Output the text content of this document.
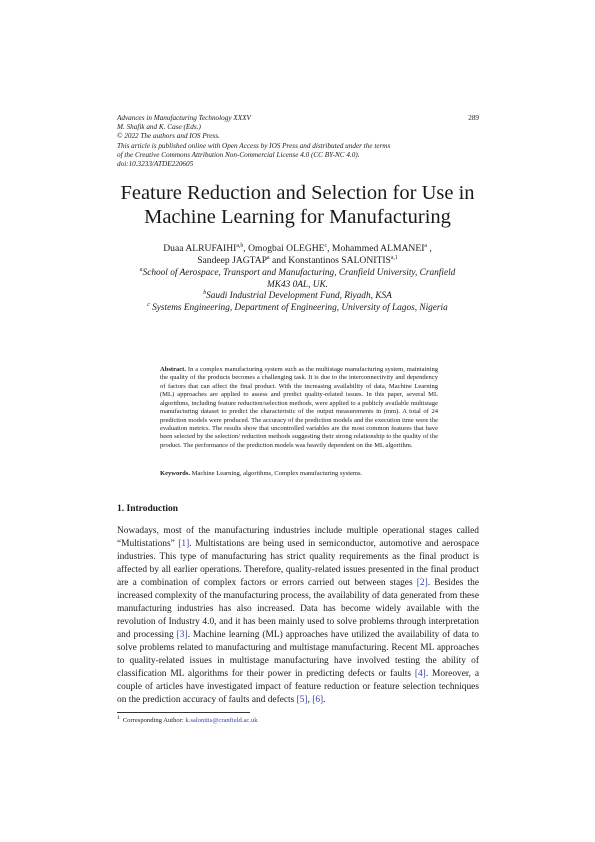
Advances in Manufacturing Technology XXXV
M. Shafik and K. Case (Eds.)
© 2022 The authors and IOS Press.
This article is published online with Open Access by IOS Press and distributed under the terms
of the Creative Commons Attribution Non-Commercial License 4.0 (CC BY-NC 4.0).
doi:10.3233/ATDE220605
289
Feature Reduction and Selection for Use in
Machine Learning for Manufacturing
Duaa ALRUFAIHI$^{a,b}$, Omogbai OLEGHE$^c$, Mohammed ALMANEI$^a$ ,
Sandeep JAGTAP$^a$ and Konstantinos SALONITIS$^{a,1}$
$^a$School of Aerospace, Transport and Manufacturing, Cranfield University, Cranfield
MK43 0AL, UK.
$^b$Saudi Industrial Development Fund, Riyadh, KSA
$^c$ Systems Engineering, Department of Engineering, University of Lagos, Nigeria
Abstract. In a complex manufacturing system such as the multistage manufacturing system, maintaining the quality of the products becomes a challenging task. It is due to the interconnectivity and dependency of factors that can affect the final product. With the increasing availability of data, Machine Learning (ML) approaches are applied to assess and predict quality-related issues. In this paper, several ML algorithms, including feature reduction/selection methods, were applied to a publicly available multistage manufacturing dataset to predict the characteristic of the output measurements in (mm). A total of 24 prediction models were produced. The accuracy of the prediction models and the execution time were the evaluation metrics. The results show that uncontrolled variables are the most common features that have been selected by the selection/ reduction methods suggesting their strong relationship to the quality of the product. The performance of the prediction models was heavily dependent on the ML algorithm.
Keywords. Machine Learning, algorithms, Complex manufacturing systems.
1. Introduction
Nowadays, most of the manufacturing industries include multiple operational stages called “Multistations” [1]. Multistations are being used in semiconductor, automotive and aerospace industries. This type of manufacturing has strict quality requirements as the final product is affected by all earlier operations. Therefore, quality-related issues presented in the final product are a combination of complex factors or errors carried out between stages [2]. Besides the increased complexity of the manufacturing process, the availability of data generated from these manufacturing industries has also increased. Data has become widely available with the revolution of Industry 4.0, and it has been mainly used to solve problems through interpretation and processing [3]. Machine learning (ML) approaches have utilized the availability of data to solve problems related to manufacturing and multistage manufacturing. Recent ML approaches to quality-related issues in multistage manufacturing have involved testing the ability of classification ML algorithms for their power in predicting defects or faults [4]. Moreover, a couple of articles have investigated impact of feature reduction or feature selection techniques on the prediction accuracy of faults and defects [5], [6].
$^1$ Corresponding Author: k.salonitis@cranfield.ac.uk
